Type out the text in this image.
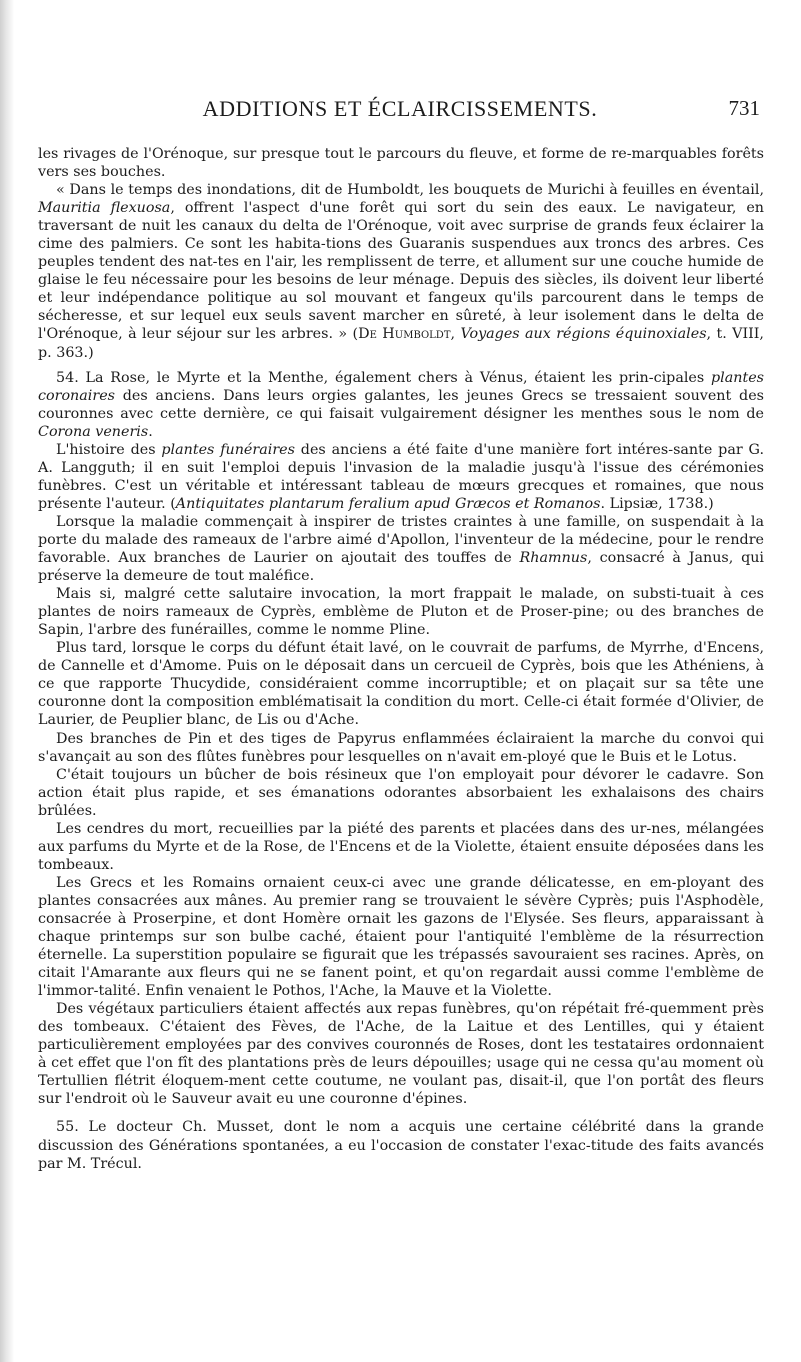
ADDITIONS ET ÉCLAIRCISSEMENTS.	731

les rivages de l'Orénoque, sur presque tout le parcours du fleuve, et forme de re-marquables forêts vers ses bouches.

« Dans le temps des inondations, dit de Humboldt, les bouquets de Murichi à feuilles en éventail, Mauritia flexuosa, offrent l'aspect d'une forêt qui sort du sein des eaux. Le navigateur, en traversant de nuit les canaux du delta de l'Orénoque, voit avec surprise de grands feux éclairer la cime des palmiers. Ce sont les habita-tions des Guaranis suspendues aux troncs des arbres. Ces peuples tendent des nat-tes en l'air, les remplissent de terre, et allument sur une couche humide de glaise le feu nécessaire pour les besoins de leur ménage. Depuis des siècles, ils doivent leur liberté et leur indépendance politique au sol mouvant et fangeux qu'ils parcourent dans le temps de sécheresse, et sur lequel eux seuls savent marcher en sûreté, à leur isolement dans le delta de l'Orénoque, à leur séjour sur les arbres. » (De Humboldt, Voyages aux régions équinoxiales, t. VIII, p. 363.)

54. La Rose, le Myrte et la Menthe, également chers à Vénus, étaient les prin-cipales plantes coronaires des anciens. Dans leurs orgies galantes, les jeunes Grecs se tressaient souvent des couronnes avec cette dernière, ce qui faisait vulgairement désigner les menthes sous le nom de Corona veneris.

L'histoire des plantes funéraires des anciens a été faite d'une manière fort intéres-sante par G. A. Langguth; il en suit l'emploi depuis l'invasion de la maladie jusqu'à l'issue des cérémonies funèbres. C'est un véritable et intéressant tableau de mœurs grecques et romaines, que nous présente l'auteur. (Antiquitates plantarum feralium apud Græcos et Romanos. Lipsiæ, 1738.)

Lorsque la maladie commençait à inspirer de tristes craintes à une famille, on suspendait à la porte du malade des rameaux de l'arbre aimé d'Apollon, l'inventeur de la médecine, pour le rendre favorable. Aux branches de Laurier on ajoutait des touffes de Rhamnus, consacré à Janus, qui préserve la demeure de tout maléfice.

Mais si, malgré cette salutaire invocation, la mort frappait le malade, on substi-tuait à ces plantes de noirs rameaux de Cyprès, emblème de Pluton et de Proser-pine; ou des branches de Sapin, l'arbre des funérailles, comme le nomme Pline.

Plus tard, lorsque le corps du défunt était lavé, on le couvrait de parfums, de Myrrhe, d'Encens, de Cannelle et d'Amome. Puis on le déposait dans un cercueil de Cyprès, bois que les Athéniens, à ce que rapporte Thucydide, considéraient comme incorruptible; et on plaçait sur sa tête une couronne dont la composition emblématisait la condition du mort. Celle-ci était formée d'Olivier, de Laurier, de Peuplier blanc, de Lis ou d'Ache.

Des branches de Pin et des tiges de Papyrus enflammées éclairaient la marche du convoi qui s'avançait au son des flûtes funèbres pour lesquelles on n'avait em-ployé que le Buis et le Lotus.

C'était toujours un bûcher de bois résineux que l'on employait pour dévorer le cadavre. Son action était plus rapide, et ses émanations odorantes absorbaient les exhalaisons des chairs brûlées.

Les cendres du mort, recueillies par la piété des parents et placées dans des ur-nes, mélangées aux parfums du Myrte et de la Rose, de l'Encens et de la Violette, étaient ensuite déposées dans les tombeaux.

Les Grecs et les Romains ornaient ceux-ci avec une grande délicatesse, en em-ployant des plantes consacrées aux mânes. Au premier rang se trouvaient le sévère Cyprès; puis l'Asphodèle, consacrée à Proserpine, et dont Homère ornait les gazons de l'Elysée. Ses fleurs, apparaissant à chaque printemps sur son bulbe caché, étaient pour l'antiquité l'emblème de la résurrection éternelle. La superstition populaire se figurait que les trépassés savouraient ses racines. Après, on citait l'Amarante aux fleurs qui ne se fanent point, et qu'on regardait aussi comme l'emblème de l'immor-talité. Enfin venaient le Pothos, l'Ache, la Mauve et la Violette.

Des végétaux particuliers étaient affectés aux repas funèbres, qu'on répétait fré-quemment près des tombeaux. C'étaient des Fèves, de l'Ache, de la Laitue et des Lentilles, qui y étaient particulièrement employées par des convives couronnés de Roses, dont les testataires ordonnaient à cet effet que l'on fît des plantations près de leurs dépouilles; usage qui ne cessa qu'au moment où Tertullien flétrit éloquem-ment cette coutume, ne voulant pas, disait-il, que l'on portât des fleurs sur l'endroit où le Sauveur avait eu une couronne d'épines.

55. Le docteur Ch. Musset, dont le nom a acquis une certaine célébrité dans la grande discussion des Générations spontanées, a eu l'occasion de constater l'exac-titude des faits avancés par M. Trécul.
